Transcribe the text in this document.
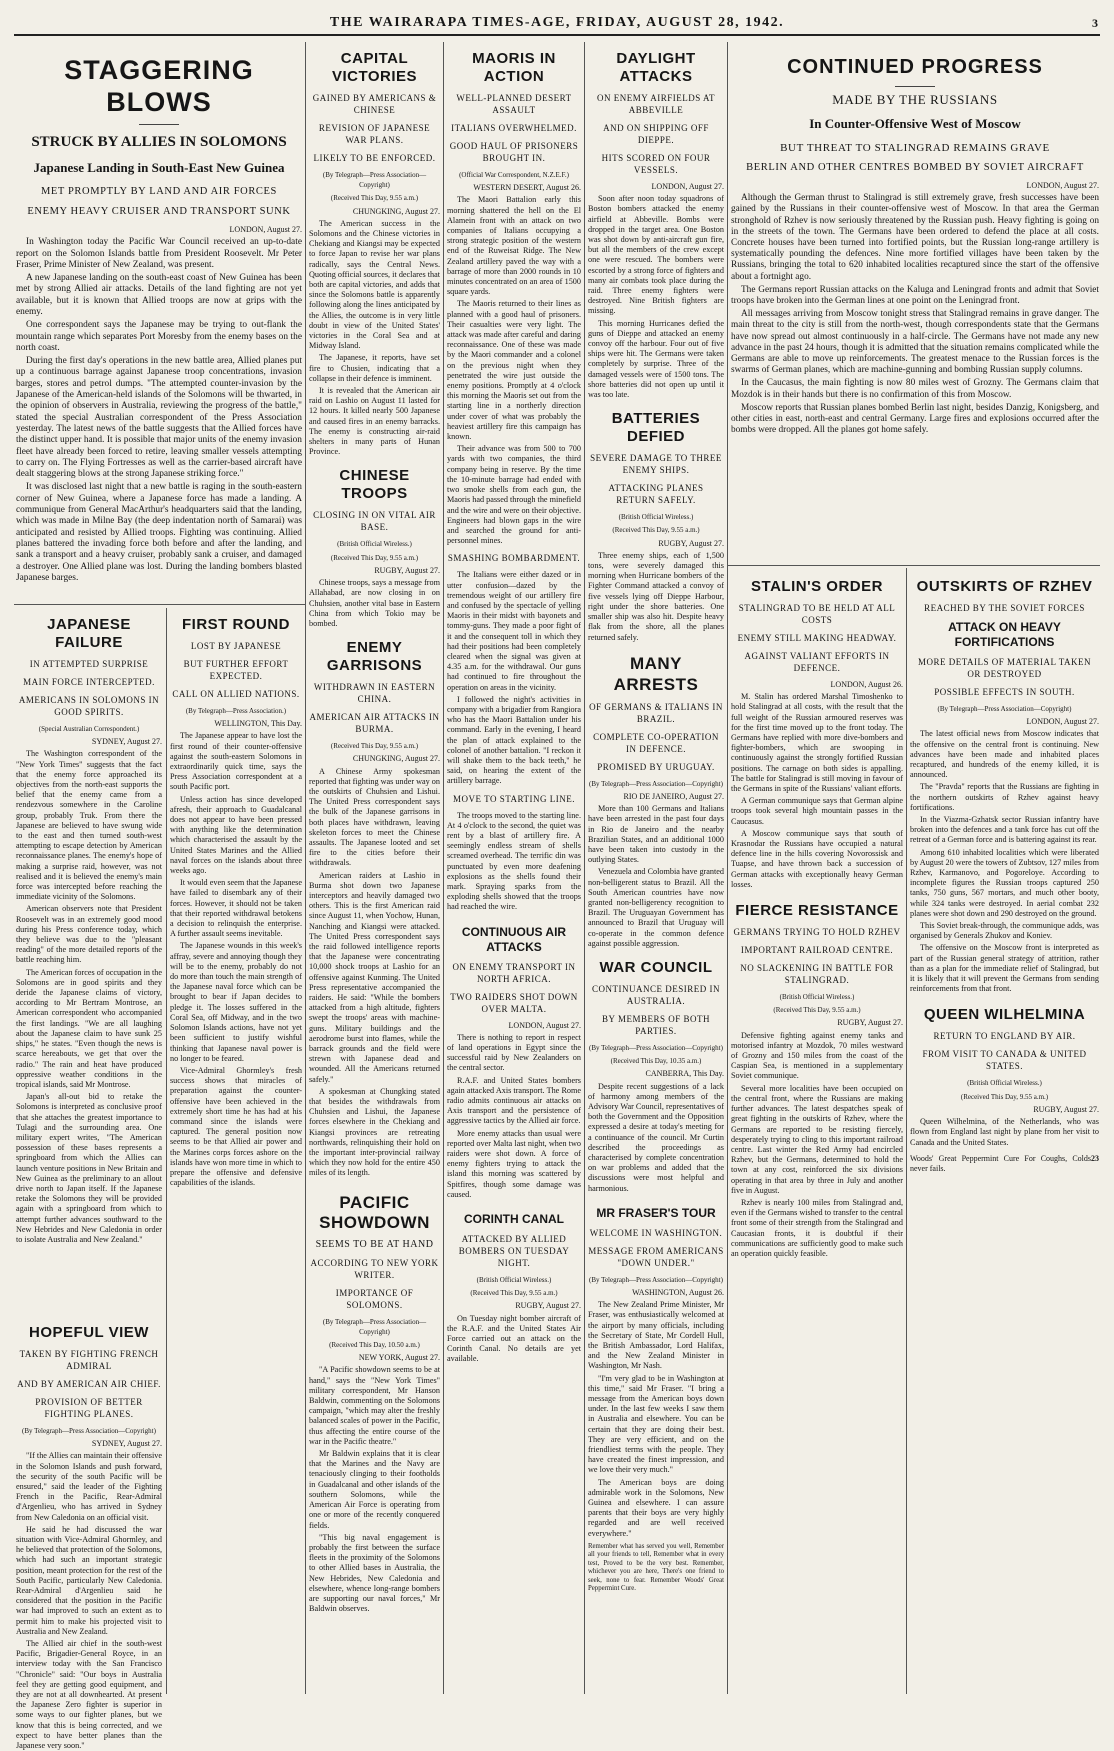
THE WAIRARAPA TIMES-AGE, FRIDAY, AUGUST 28, 1942.	3
STAGGERING BLOWS
STRUCK BY ALLIES IN SOLOMONS
Japanese Landing in South-East New Guinea
MET PROMPTLY BY LAND AND AIR FORCES
ENEMY HEAVY CRUISER AND TRANSPORT SUNK
LONDON, August 27.

In Washington today the Pacific War Council received an up-to-date report on the Solomon Islands battle from President Roosevelt. Mr Peter Fraser, Prime Minister of New Zealand, was present.

A new Japanese landing on the south-east coast of New Guinea has been met by strong Allied air attacks. Details of the land fighting are not yet available, but it is known that Allied troops are now at grips with the enemy.

One correspondent says the Japanese may be trying to out-flank the mountain range which separates Port Moresby from the enemy bases on the north coast.

During the first day's operations in the new battle area, Allied planes put up a continuous barrage against Japanese troop concentrations, invasion barges, stores and petrol dumps. "The attempted counter-invasion by the Japanese of the American-held islands of the Solomons will be thwarted, in the opinion of observers in Australia, reviewing the progress of the battle," stated the special Australian correspondent of the Press Association yesterday. The latest news of the battle suggests that the Allied forces have the distinct upper hand. It is possible that major units of the enemy invasion fleet have already been forced to retire, leaving smaller vessels attempting to carry on. The Flying Fortresses as well as the carrier-based aircraft have dealt staggering blows at the strong Japanese striking force."

It was disclosed last night that a new battle is raging in the south-eastern corner of New Guinea, where a Japanese force has made a landing. A communique from General MacArthur's headquarters said that the landing, which was made in Milne Bay (the deep indentation north of Samarai) was anticipated and resisted by Allied troops. Fighting was continuing. Allied planes battered the invading force both before and after the landing, and sank a transport and a heavy cruiser, probably sank a cruiser, and damaged a destroyer. One Allied plane was lost. During the landing bombers blasted Japanese barges.

JAPANESE FAILURE
IN ATTEMPTED SURPRISE
MAIN FORCE INTERCEPTED.
AMERICANS IN SOLOMONS IN GOOD SPIRITS.
(Special Australian Correspondent.)
SYDNEY, August 27.

The Washington correspondent of the "New York Times" suggests that the fact that the enemy force approached its objectives from the north-east supports the belief that the enemy came from a rendezvous somewhere in the Caroline group, probably Truk. From there the Japanese are believed to have swung wide to the east and then turned south-west attempting to escape detection by American reconnaissance planes. The enemy's hope of making a surprise raid, however, was not realised and it is believed the enemy's main force was intercepted before reaching the immediate vicinity of the Solomons.

American observers note that President Roosevelt was in an extremely good mood during his Press conference today, which they believe was due to the "pleasant reading" of the more detailed reports of the battle reaching him.

The American forces of occupation in the Solomons are in good spirits and they deride the Japanese claims of victory, according to Mr Bertram Montrose, an American correspondent who accompanied the first landings. "We are all laughing about the Japanese claim to have sunk 25 ships," he states. "Even though the news is scarce hereabouts, we get that over the radio." The rain and heat have produced oppressive weather conditions in the tropical islands, said Mr Montrose.

Japan's all-out bid to retake the Solomons is interpreted as conclusive proof that she attaches the greatest importance to Tulagi and the surrounding area. One military expert writes, "The American possession of these bases represents a springboard from which the Allies can launch venture positions in New Britain and New Guinea as the preliminary to an allout drive north to Japan itself. If the Japanese retake the Solomons they will be provided again with a springboard from which to attempt further advances southward to the New Hebrides and New Caledonia in order to isolate Australia and New Zealand."

HOPEFUL VIEW
TAKEN BY FIGHTING FRENCH ADMIRAL
AND BY AMERICAN AIR CHIEF.
PROVISION OF BETTER FIGHTING PLANES.
(By Telegraph—Press Association—Copyright)
SYDNEY, August 27.

"If the Allies can maintain their offensive in the Solomon Islands and push forward, the security of the south Pacific will be ensured," said the leader of the Fighting French in the Pacific, Rear-Admiral d'Argenlieu, who has arrived in Sydney from New Caledonia on an official visit.

He said he had discussed the war situation with Vice-Admiral Ghormley, and he believed that protection of the Solomons, which had such an important strategic position, meant protection for the rest of the South Pacific, particularly New Caledonia. Rear-Admiral d'Argenlieu said he considered that the position in the Pacific war had improved to such an extent as to permit him to make his projected visit to Australia and New Zealand.

The Allied air chief in the south-west Pacific, Brigadier-General Royce, in an interview today with the San Francisco "Chronicle" said: "Our boys in Australia feel they are getting good equipment, and they are not at all downhearted. At present the Japanese Zero fighter is superior in some ways to our fighter planes, but we know that this is being corrected, and we expect to have better planes than the Japanese very soon."

FIRST ROUND
LOST BY JAPANESE
BUT FURTHER EFFORT EXPECTED.
CALL ON ALLIED NATIONS.
(By Telegraph—Press Association.)
WELLINGTON, This Day.

The Japanese appear to have lost the first round of their counter-offensive against the south-eastern Solomons in extraordinarily quick time, says the Press Association correspondent at a south Pacific port.

Unless action has since developed afresh, their approach to Guadalcanal does not appear to have been pressed with anything like the determination which characterised the assault by the United States Marines and the Allied naval forces on the islands about three weeks ago.

It would even seem that the Japanese have failed to disembark any of their forces. However, it should not be taken that their reported withdrawal betokens a decision to relinquish the enterprise. A further assault seems inevitable.

The Japanese wounds in this week's affray, severe and annoying though they will be to the enemy, probably do not do more than touch the main strength of the Japanese naval force which can be brought to bear if Japan decides to pledge it. The losses suffered in the Coral Sea, off Midway, and in the two Solomon Islands actions, have not yet been sufficient to justify wishful thinking that Japanese naval power is no longer to be feared.

Vice-Admiral Ghormley's fresh success shows that miracles of preparation against the counter-offensive have been achieved in the extremely short time he has had at his command since the islands were captured. The general position now seems to be that Allied air power and the Marines corps forces ashore on the islands have won more time in which to prepare the offensive and defensive capabilities of the islands.

CAPITAL VICTORIES
GAINED BY AMERICANS & CHINESE
REVISION OF JAPANESE WAR PLANS.
LIKELY TO BE ENFORCED.
(By Telegraph—Press Association—Copyright)
(Received This Day, 9.55 a.m.)
CHUNGKING, August 27.

The American success in the Solomons and the Chinese victories in Chekiang and Kiangsi may be expected to force Japan to revise her war plans radically, says the Central News. Quoting official sources, it declares that both are capital victories, and adds that since the Solomons battle is apparently following along the lines anticipated by the Allies, the outcome is in very little doubt in view of the United States' victories in the Coral Sea and at Midway Island.

The Japanese, it reports, have set fire to Chusien, indicating that a collapse in their defence is imminent.

It is revealed that the American air raid on Lashio on August 11 lasted for 12 hours. It killed nearly 500 Japanese and caused fires in an enemy barracks. The enemy is constructing air-raid shelters in many parts of Hunan Province.

CHINESE TROOPS
CLOSING IN ON VITAL AIR BASE.
(British Official Wireless.)
(Received This Day, 9.55 a.m.)
RUGBY, August 27.

Chinese troops, says a message from Allahabad, are now closing in on Chuhsien, another vital base in Eastern China from which Tokio may be bombed.

ENEMY GARRISONS
WITHDRAWN IN EASTERN CHINA.
AMERICAN AIR ATTACKS IN BURMA.
(Received This Day, 9.55 a.m.)
CHUNGKING, August 27.

A Chinese Army spokesman reported that fighting was under way on the outskirts of Chuhsien and Lishui. The United Press correspondent says the bulk of the Japanese garrisons in both places have withdrawn, leaving skeleton forces to meet the Chinese assaults. The Japanese looted and set fire to the cities before their withdrawals.

American raiders at Lashio in Burma shot down two Japanese interceptors and heavily damaged two others. This is the first American raid since August 11, when Yochow, Hunan, Nanching and Kiangsi were attacked. The United Press correspondent says the raid followed intelligence reports that the Japanese were concentrating 10,000 shock troops at Lashio for an offensive against Kunming. The United Press representative accompanied the raiders. He said: "While the bombers attacked from a high altitude, fighters swept the troops' areas with machine-guns. Military buildings and the aerodrome burst into flames, while the barrack grounds and the field were strewn with Japanese dead and wounded. All the Americans returned safely."

A spokesman at Chungking stated that besides the withdrawals from Chuhsien and Lishui, the Japanese forces elsewhere in the Chekiang and Kiangsi provinces are retreating northwards, relinquishing their hold on the important inter-provincial railway which they now hold for the entire 450 miles of its length.

PACIFIC SHOWDOWN
SEEMS TO BE AT HAND
ACCORDING TO NEW YORK WRITER.
IMPORTANCE OF SOLOMONS.
(By Telegraph—Press Association—Copyright)
(Received This Day, 10.50 a.m.)
NEW YORK, August 27.

"A Pacific showdown seems to be at hand," says the "New York Times" military correspondent, Mr Hanson Baldwin, commenting on the Solomons campaign, "which may alter the freshly balanced scales of power in the Pacific, thus affecting the entire course of the war in the Pacific theatre."

Mr Baldwin explains that it is clear that the Marines and the Navy are tenaciously clinging to their footholds in Guadalcanal and other islands of the southern Solomons, while the American Air Force is operating from one or more of the recently conquered fields.

"This big naval engagement is probably the first between the surface fleets in the proximity of the Solomons to other Allied bases in Australia, the New Hebrides, New Caledonia and elsewhere, whence long-range bombers are supporting our naval forces," Mr Baldwin observes.

MAORIS IN ACTION
WELL-PLANNED DESERT ASSAULT
ITALIANS OVERWHELMED.
GOOD HAUL OF PRISONERS BROUGHT IN.
(Official War Correspondent, N.Z.E.F.)
WESTERN DESERT, August 26.

The Maori Battalion early this morning shattered the hell on the El Alamein front with an attack on two companies of Italians occupying a strong strategic position of the western end of the Ruweisat Ridge. The New Zealand artillery paved the way with a barrage of more than 2000 rounds in 10 minutes concentrated on an area of 1500 square yards.

The Maoris returned to their lines as planned with a good haul of prisoners. Their casualties were very light. The attack was made after careful and daring reconnaissance. One of these was made by the Maori commander and a colonel on the previous night when they penetrated the wire just outside the enemy positions. Promptly at 4 o'clock this morning the Maoris set out from the starting line in a northerly direction under cover of what was probably the heaviest artillery fire this campaign has known.

Their advance was from 500 to 700 yards with two companies, the third company being in reserve. By the time the 10-minute barrage had ended with two smoke shells from each gun, the Maoris had passed through the minefield and the wire and were on their objective. Engineers had blown gaps in the wire and searched the ground for anti-personnel mines.

SMASHING BOMBARDMENT.

The Italians were either dazed or in utter confusion—dazed by the tremendous weight of our artillery fire and confused by the spectacle of yelling Maoris in their midst with bayonets and tommy-guns. They made a poor fight of it and the consequent toll in which they had their positions had been completely cleared when the signal was given at 4.35 a.m. for the withdrawal. Our guns had continued to fire throughout the operation on areas in the vicinity.

I followed the night's activities in company with a brigadier from Rangiora who has the Maori Battalion under his command. Early in the evening, I heard the plan of attack explained to the colonel of another battalion. "I reckon it will shake them to the back teeth," he said, on hearing the extent of the artillery barrage.

MOVE TO STARTING LINE.

The troops moved to the starting line. At 4 o'clock to the second, the quiet was rent by a blast of artillery fire. A seemingly endless stream of shells screamed overhead. The terrific din was punctuated by even more deafening explosions as the shells found their mark. Spraying sparks from the exploding shells showed that the troops had reached the wire.

CONTINUOUS AIR ATTACKS
ON ENEMY TRANSPORT IN NORTH AFRICA.
TWO RAIDERS SHOT DOWN OVER MALTA.
LONDON, August 27.

There is nothing to report in respect of land operations in Egypt since the successful raid by New Zealanders on the central sector.

R.A.F. and United States bombers again attacked Axis transport. The Rome radio admits continuous air attacks on Axis transport and the persistence of aggressive tactics by the Allied air force.

More enemy attacks than usual were reported over Malta last night, when two raiders were shot down. A force of enemy fighters trying to attack the island this morning was scattered by Spitfires, though some damage was caused.

CORINTH CANAL
ATTACKED BY ALLIED BOMBERS ON TUESDAY NIGHT.
(British Official Wireless.)
(Received This Day, 9.55 a.m.)
RUGBY, August 27.

On Tuesday night bomber aircraft of the R.A.F. and the United States Air Force carried out an attack on the Corinth Canal. No details are yet available.

DAYLIGHT ATTACKS
ON ENEMY AIRFIELDS AT ABBEVILLE
AND ON SHIPPING OFF DIEPPE.
HITS SCORED ON FOUR VESSELS.
LONDON, August 27.

Soon after noon today squadrons of Boston bombers attacked the enemy airfield at Abbeville. Bombs were dropped in the target area. One Boston was shot down by anti-aircraft gun fire, but all the members of the crew except one were rescued. The bombers were escorted by a strong force of fighters and many air combats took place during the raid. Three enemy fighters were destroyed. Nine British fighters are missing.

This morning Hurricanes defied the guns of Dieppe and attacked an enemy convoy off the harbour. Four out of five ships were hit. The Germans were taken completely by surprise. Three of the damaged vessels were of 1500 tons. The shore batteries did not open up until it was too late.

BATTERIES DEFIED
SEVERE DAMAGE TO THREE ENEMY SHIPS.
ATTACKING PLANES RETURN SAFELY.
(British Official Wireless.)
(Received This Day, 9.55 a.m.)
RUGBY, August 27.

Three enemy ships, each of 1,500 tons, were severely damaged this morning when Hurricane bombers of the Fighter Command attacked a convoy of five vessels lying off Dieppe Harbour, right under the shore batteries. One smaller ship was also hit. Despite heavy flak from the shore, all the planes returned safely.

MANY ARRESTS
OF GERMANS & ITALIANS IN BRAZIL.
COMPLETE CO-OPERATION IN DEFENCE.
PROMISED BY URUGUAY.
(By Telegraph—Press Association—Copyright)
RIO DE JANEIRO, August 27.

More than 100 Germans and Italians have been arrested in the past four days in Rio de Janeiro and the nearby Brazilian States, and an additional 1000 have been taken into custody in the outlying States.

Venezuela and Colombia have granted non-belligerent status to Brazil. All the South American countries have now granted non-belligerency recognition to Brazil. The Uruguayan Government has announced to Brazil that Uruguay will co-operate in the common defence against possible aggression.

WAR COUNCIL
CONTINUANCE DESIRED IN AUSTRALIA.
BY MEMBERS OF BOTH PARTIES.
(By Telegraph—Press Association—Copyright)
(Received This Day, 10.35 a.m.)
CANBERRA, This Day.

Despite recent suggestions of a lack of harmony among members of the Advisory War Council, representatives of both the Government and the Opposition expressed a desire at today's meeting for a continuance of the council. Mr Curtin described the proceedings as characterised by complete concentration on war problems and added that the discussions were most helpful and harmonious.

MR FRASER'S TOUR
WELCOME IN WASHINGTON.
MESSAGE FROM AMERICANS "DOWN UNDER."
(By Telegraph—Press Association—Copyright)
WASHINGTON, August 26.

The New Zealand Prime Minister, Mr Fraser, was enthusiastically welcomed at the airport by many officials, including the Secretary of State, Mr Cordell Hull, the British Ambassador, Lord Halifax, and the New Zealand Minister in Washington, Mr Nash.

"I'm very glad to be in Washington at this time," said Mr Fraser. "I bring a message from the American boys down under. In the last few weeks I saw them in Australia and elsewhere. You can be certain that they are doing their best. They are very efficient, and on the friendliest terms with the people. They have created the finest impression, and we love their very much."

The American boys are doing admirable work in the Solomons, New Guinea and elsewhere. I can assure parents that their boys are very highly regarded and are well received everywhere."

Remember what has served you well, Remember all your friends to tell, Remember what in every test, Proved to be the very best. Remember, whichever you are here, There's one friend to seek, none to fear. Remember Woods' Great Peppermint Cure.

CONTINUED PROGRESS
MADE BY THE RUSSIANS
In Counter-Offensive West of Moscow
BUT THREAT TO STALINGRAD REMAINS GRAVE
BERLIN AND OTHER CENTRES BOMBED BY SOVIET AIRCRAFT
LONDON, August 27.

Although the German thrust to Stalingrad is still extremely grave, fresh successes have been gained by the Russians in their counter-offensive west of Moscow. In that area the German stronghold of Rzhev is now seriously threatened by the Russian push. Heavy fighting is going on in the streets of the town. The Germans have been ordered to defend the place at all costs. Concrete houses have been turned into fortified points, but the Russian long-range artillery is systematically pounding the defences. Nine more fortified villages have been taken by the Russians, bringing the total to 620 inhabited localities recaptured since the start of the offensive about a fortnight ago.

The Germans report Russian attacks on the Kaluga and Leningrad fronts and admit that Soviet troops have broken into the German lines at one point on the Leningrad front.

All messages arriving from Moscow tonight stress that Stalingrad remains in grave danger. The main threat to the city is still from the north-west, though correspondents state that the Germans have now spread out almost continuously in a half-circle. The Germans have not made any new advance in the past 24 hours, though it is admitted that the situation remains complicated while the Germans are able to move up reinforcements. The greatest menace to the Russian forces is the swarms of German planes, which are machine-gunning and bombing Russian supply columns.

In the Caucasus, the main fighting is now 80 miles west of Grozny. The Germans claim that Mozdok is in their hands but there is no confirmation of this from Moscow.

Moscow reports that Russian planes bombed Berlin last night, besides Danzig, Konigsberg, and other cities in east, north-east and central Germany. Large fires and explosions occurred after the bombs were dropped. All the planes got home safely.

STALIN'S ORDER
STALINGRAD TO BE HELD AT ALL COSTS
ENEMY STILL MAKING HEADWAY.
AGAINST VALIANT EFFORTS IN DEFENCE.
LONDON, August 26.

M. Stalin has ordered Marshal Timoshenko to hold Stalingrad at all costs, with the result that the full weight of the Russian armoured reserves was for the first time moved up to the front today. The Germans have replied with more dive-bombers and fighter-bombers, which are swooping in continuously against the strongly fortified Russian positions. The carnage on both sides is appalling. The battle for Stalingrad is still moving in favour of the Germans in spite of the Russians' valiant efforts.

A German communique says that German alpine troops took several high mountain passes in the Caucasus.

A Moscow communique says that south of Krasnodar the Russians have occupied a natural defence line in the hills covering Novorossisk and Tuapse, and have thrown back a succession of German attacks with exceptionally heavy German losses.

FIERCE RESISTANCE
GERMANS TRYING TO HOLD RZHEV
IMPORTANT RAILROAD CENTRE.
NO SLACKENING IN BATTLE FOR STALINGRAD.
(British Official Wireless.)
(Received This Day, 9.55 a.m.)
RUGBY, August 27.

Defensive fighting against enemy tanks and motorised infantry at Mozdok, 70 miles westward of Grozny and 150 miles from the coast of the Caspian Sea, is mentioned in a supplementary Soviet communique.

Several more localities have been occupied on the central front, where the Russians are making further advances. The latest despatches speak of great fighting in the outskirts of Rzhev, where the Germans are reported to be resisting fiercely, desperately trying to cling to this important railroad centre. Last winter the Red Army had encircled Rzhev, but the Germans, determined to hold the town at any cost, reinforced the six divisions operating in that area by three in July and another five in August.

Rzhev is nearly 100 miles from Stalingrad and, even if the Germans wished to transfer to the central front some of their strength from the Stalingrad and Caucasian fronts, it is doubtful if their communications are sufficiently good to make such an operation quickly feasible.

OUTSKIRTS OF RZHEV
REACHED BY THE SOVIET FORCES
ATTACK ON HEAVY FORTIFICATIONS
MORE DETAILS OF MATERIAL TAKEN OR DESTROYED
POSSIBLE EFFECTS IN SOUTH.
(By Telegraph—Press Association—Copyright)
LONDON, August 27.

The latest official news from Moscow indicates that the offensive on the central front is continuing. New advances have been made and inhabited places recaptured, and hundreds of the enemy killed, it is announced.

The "Pravda" reports that the Russians are fighting in the northern outskirts of Rzhev against heavy fortifications.

In the Viazma-Gzhatsk sector Russian infantry have broken into the defences and a tank force has cut off the retreat of a German force and is battering against its rear.

Among 610 inhabited localities which were liberated by August 20 were the towers of Zubtsov, 127 miles from Rzhev, Karmanovo, and Pogoreloye. According to incomplete figures the Russian troops captured 250 tanks, 750 guns, 567 mortars, and much other booty, while 324 tanks were destroyed. In aerial combat 232 planes were shot down and 290 destroyed on the ground.

This Soviet break-through, the communique adds, was organised by Generals Zhukov and Koniev.

The offensive on the Moscow front is interpreted as part of the Russian general strategy of attrition, rather than as a plan for the immediate relief of Stalingrad, but it is likely that it will prevent the Germans from sending reinforcements from that front.

QUEEN WILHELMINA
RETURN TO ENGLAND BY AIR.
FROM VISIT TO CANADA & UNITED STATES.
(British Official Wireless.)
(Received This Day, 9.55 a.m.)
RUGBY, August 27.

Queen Wilhelmina, of the Netherlands, who was flown from England last night by plane from her visit to Canada and the United States.

Woods' Great Peppermint Cure For Coughs, Colds never fails.
23
